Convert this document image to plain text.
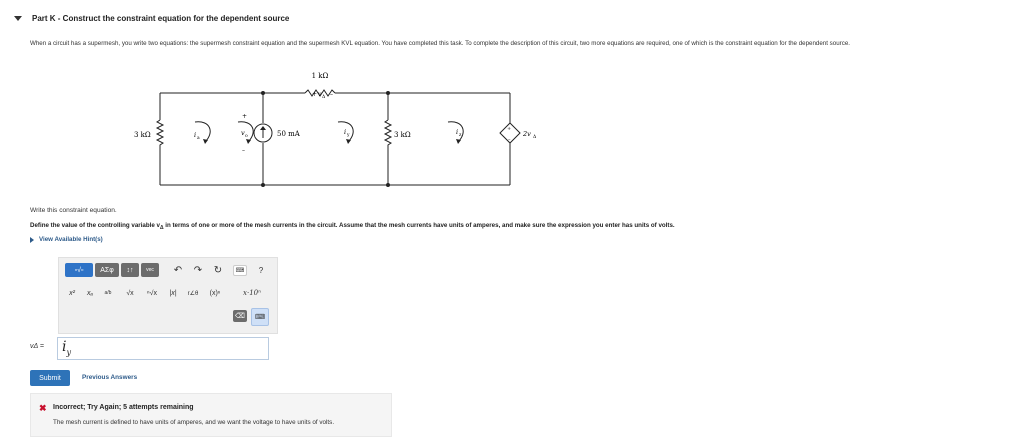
Part K - Construct the constraint equation for the dependent source
When a circuit has a supermesh, you write two equations: the supermesh constraint equation and the supermesh KVL equation. You have completed this task. To complete the description of this circuit, two more equations are required, one of which is the constraint equation for the dependent source.
1 kΩ
+ v Δ –
3 kΩ	3 kΩ
i a
i y	i z
+
v o
–
50 mA
+
–
2v Δ
Write this constraint equation.
Define the value of the controlling variable $v_\Delta$ in terms of one or more of the mesh currents in the circuit. Assume that the mesh currents have units of amperes, and make sure the expression you enter has units of volts.
View Available Hint(s)
▫√▫	ΑΣφ	↕↑	vec	↶ ↷ ↻	⌨	?
x²	xₐ	a/b	√x	ⁿ√x	|x|	r∠θ	(x)ⁿ	x·10ⁿ
⌫	⌨
$v\Delta = i_y$
Submit	Previous Answers
✖ Incorrect; Try Again; 5 attempts remaining
The mesh current is defined to have units of amperes, and we want the voltage to have units of volts.
